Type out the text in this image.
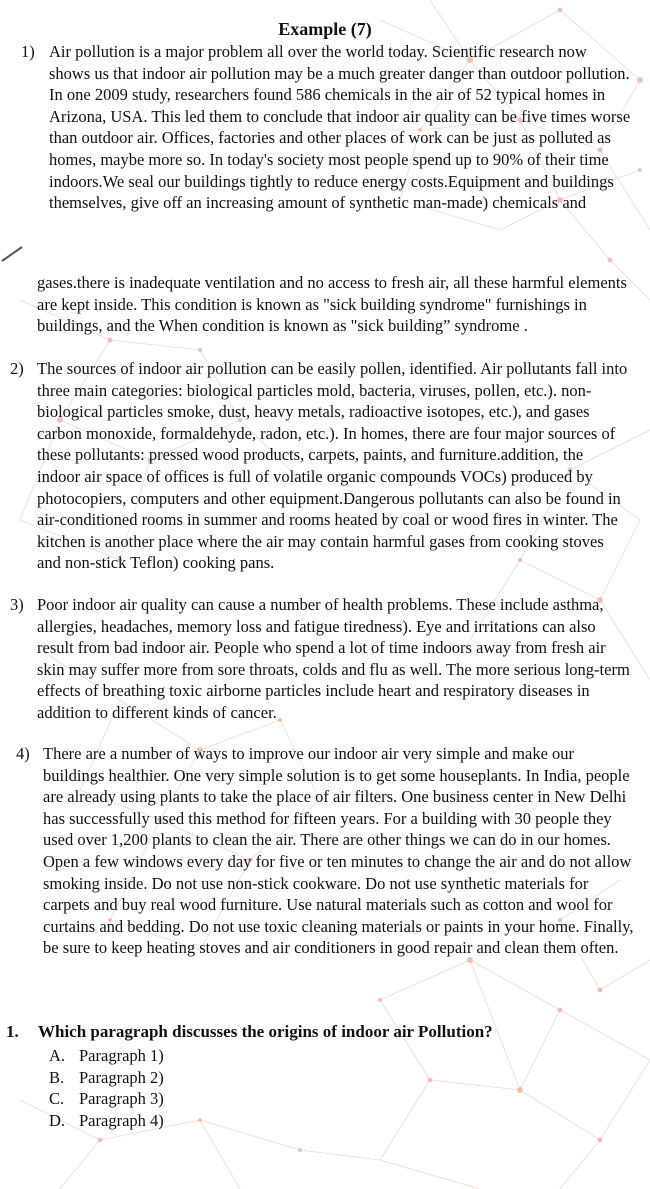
Example (7)
1) Air pollution is a major problem all over the world today. Scientific research now shows us that indoor air pollution may be a much greater danger than outdoor pollution. In one 2009 study, researchers found 586 chemicals in the air of 52 typical homes in Arizona, USA. This led them to conclude that indoor air quality can be five times worse than outdoor air. Offices, factories and other places of work can be just as polluted as homes, maybe more so. In today's society most people spend up to 90% of their time indoors.We seal our buildings tightly to reduce energy costs.Equipment and buildings themselves, give off an increasing amount of synthetic man-made) chemicals and
gases.there is inadequate ventilation and no access to fresh air, all these harmful elements are kept inside. This condition is known as "sick building syndrome" furnishings in buildings, and the When condition is known as "sick building” syndrome .
2) The sources of indoor air pollution can be easily pollen, identified. Air pollutants fall into three main categories: biological particles mold, bacteria, viruses, pollen, etc.). non-biological particles smoke, dust, heavy metals, radioactive isotopes, etc.), and gases carbon monoxide, formaldehyde, radon, etc.). In homes, there are four major sources of these pollutants: pressed wood products, carpets, paints, and furniture.addition, the indoor air space of offices is full of volatile organic compounds VOCs) produced by photocopiers, computers and other equipment.Dangerous pollutants can also be found in air-conditioned rooms in summer and rooms heated by coal or wood fires in winter. The kitchen is another place where the air may contain harmful gases from cooking stoves and non-stick Teflon) cooking pans.
3) Poor indoor air quality can cause a number of health problems. These include asthma, allergies, headaches, memory loss and fatigue tiredness). Eye and irritations can also result from bad indoor air. People who spend a lot of time indoors away from fresh air skin may suffer more from sore throats, colds and flu as well. The more serious long-term effects of breathing toxic airborne particles include heart and respiratory diseases in addition to different kinds of cancer.
4) There are a number of ways to improve our indoor air very simple and make our buildings healthier. One very simple solution is to get some houseplants. In India, people are already using plants to take the place of air filters. One business center in New Delhi has successfully used this method for fifteen years. For a building with 30 people they used over 1,200 plants to clean the air. There are other things we can do in our homes. Open a few windows every day for five or ten minutes to change the air and do not allow smoking inside. Do not use non-stick cookware. Do not use synthetic materials for carpets and buy real wood furniture. Use natural materials such as cotton and wool for curtains and bedding. Do not use toxic cleaning materials or paints in your home. Finally, be sure to keep heating stoves and air conditioners in good repair and clean them often.
1. Which paragraph discusses the origins of indoor air Pollution?
A. Paragraph 1)
B. Paragraph 2)
C. Paragraph 3)
D. Paragraph 4)
